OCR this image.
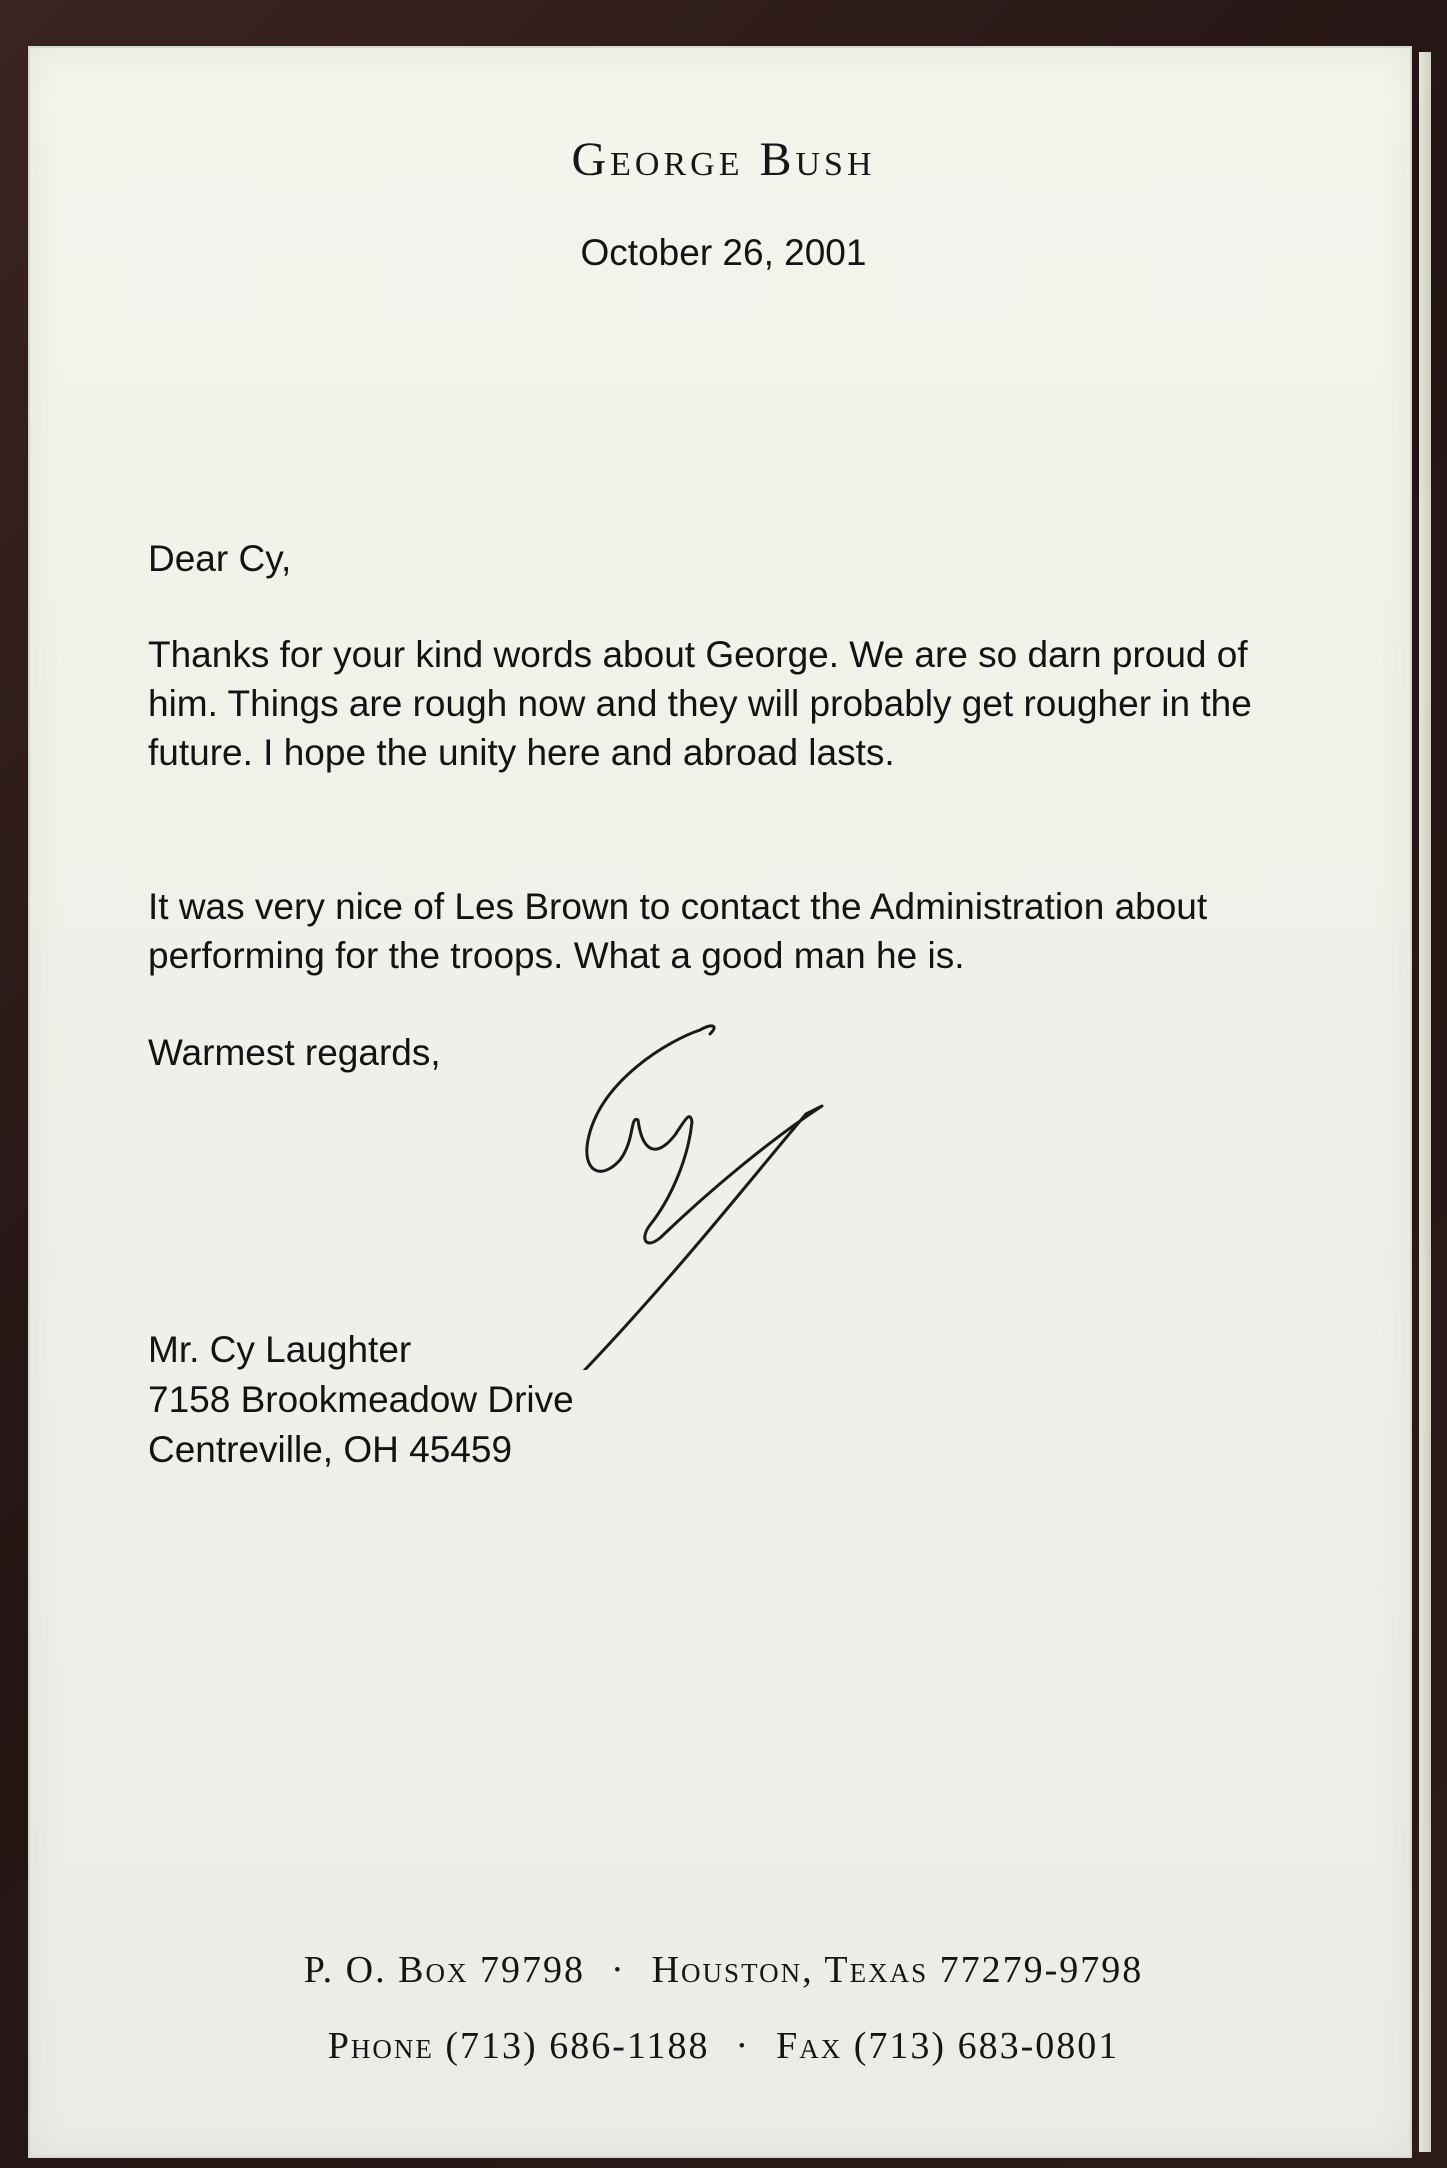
George Bush
October 26, 2001
Dear Cy,
Thanks for your kind words about George. We are so darn proud of him. Things are rough now and they will probably get rougher in the future. I hope the unity here and abroad lasts.
It was very nice of Les Brown to contact the Administration about performing for the troops. What a good man he is.
Warmest regards,
Mr. Cy Laughter
7158 Brookmeadow Drive
Centreville, OH 45459
P. O. Box 79798 · Houston, Texas 77279-9798
Phone (713) 686-1188 · Fax (713) 683-0801
